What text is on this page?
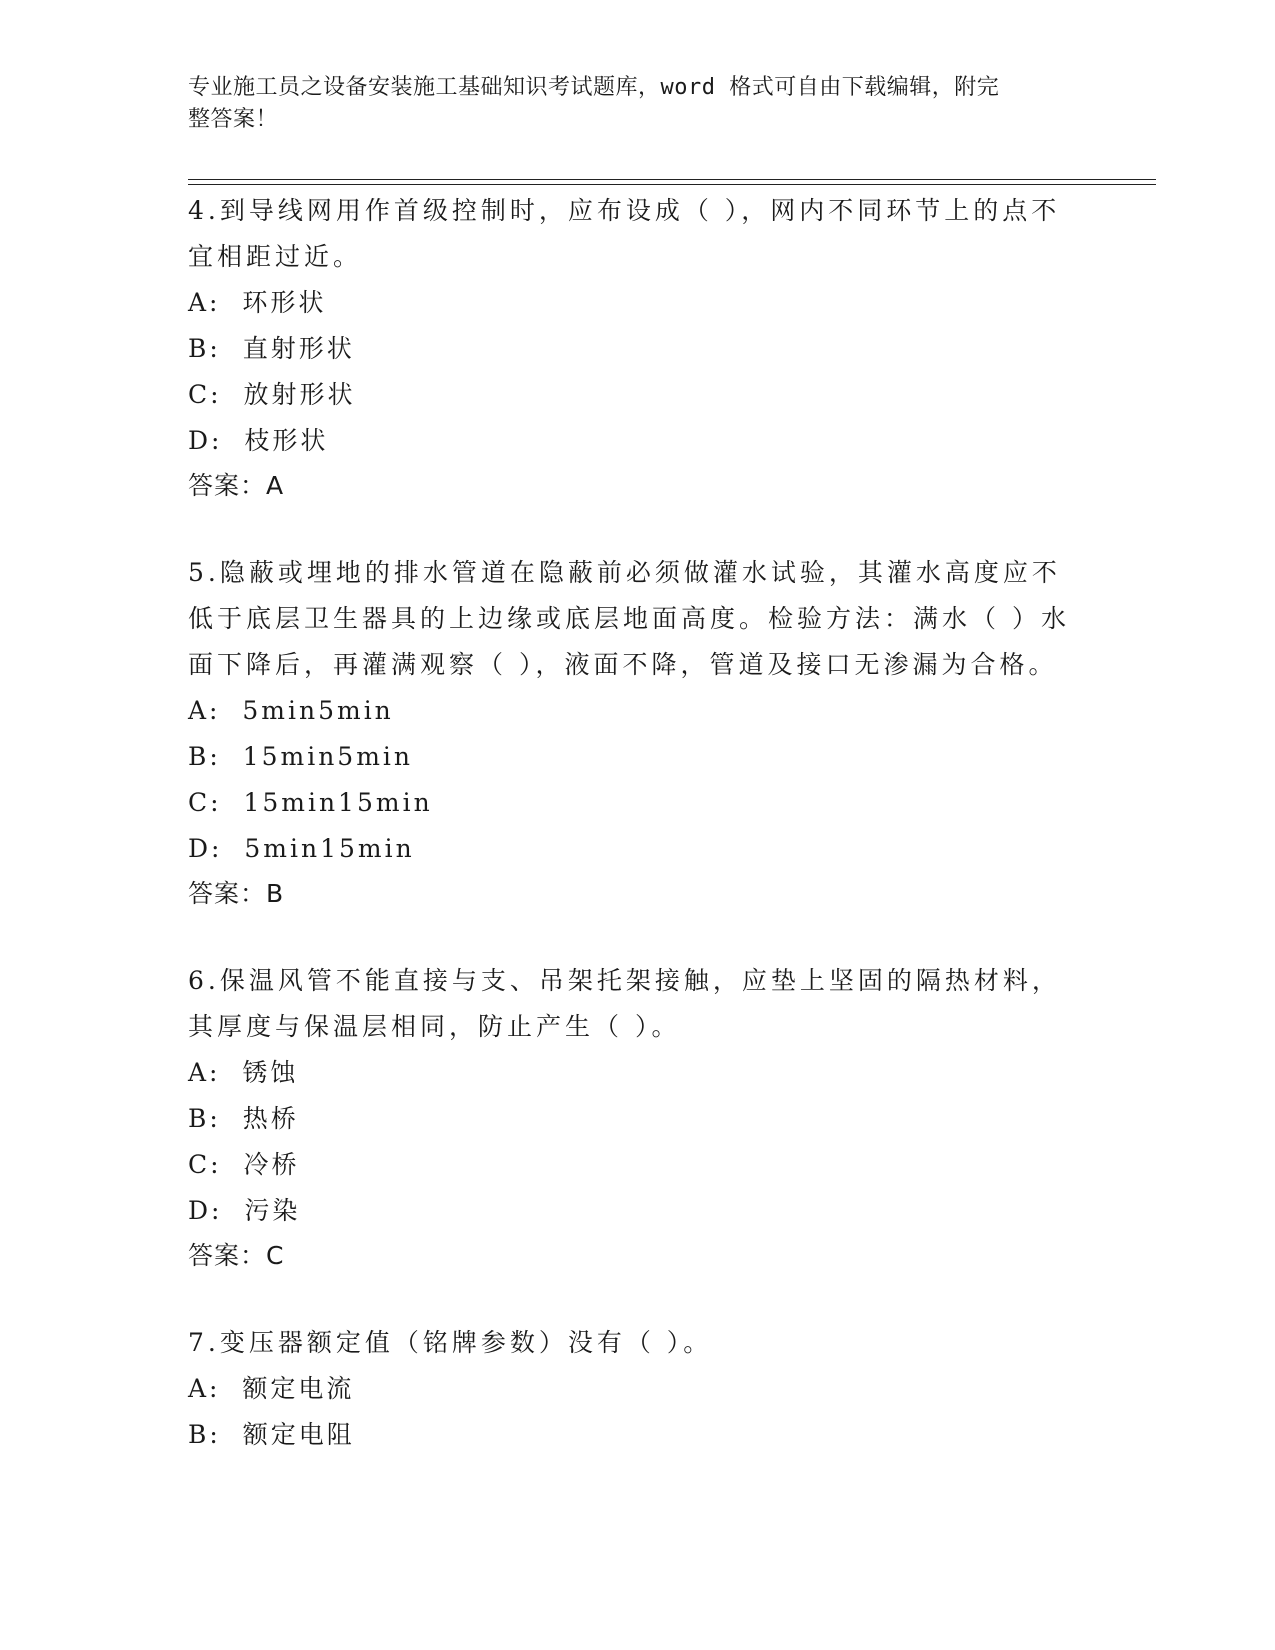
专业施工员之设备安装施工基础知识考试题库，word 格式可自由下载编辑，附完
整答案！
4.到导线网用作首级控制时，应布设成（ ），网内不同环节上的点不
宜相距过近。
A:  环形状
B:  直射形状
C:  放射形状
D:  枝形状
答案：A
5.隐蔽或埋地的排水管道在隐蔽前必须做灌水试验，其灌水高度应不
低于底层卫生器具的上边缘或底层地面高度。检验方法：满水（ ）水
面下降后，再灌满观察（ ），液面不降，管道及接口无渗漏为合格。
A:  5min5min
B:  15min5min
C:  15min15min
D:  5min15min
答案：B
6.保温风管不能直接与支、吊架托架接触，应垫上坚固的隔热材料，
其厚度与保温层相同，防止产生（ ）。
A:  锈蚀
B:  热桥
C:  冷桥
D:  污染
答案：C
7.变压器额定值（铭牌参数）没有（ ）。
A:  额定电流
B:  额定电阻
